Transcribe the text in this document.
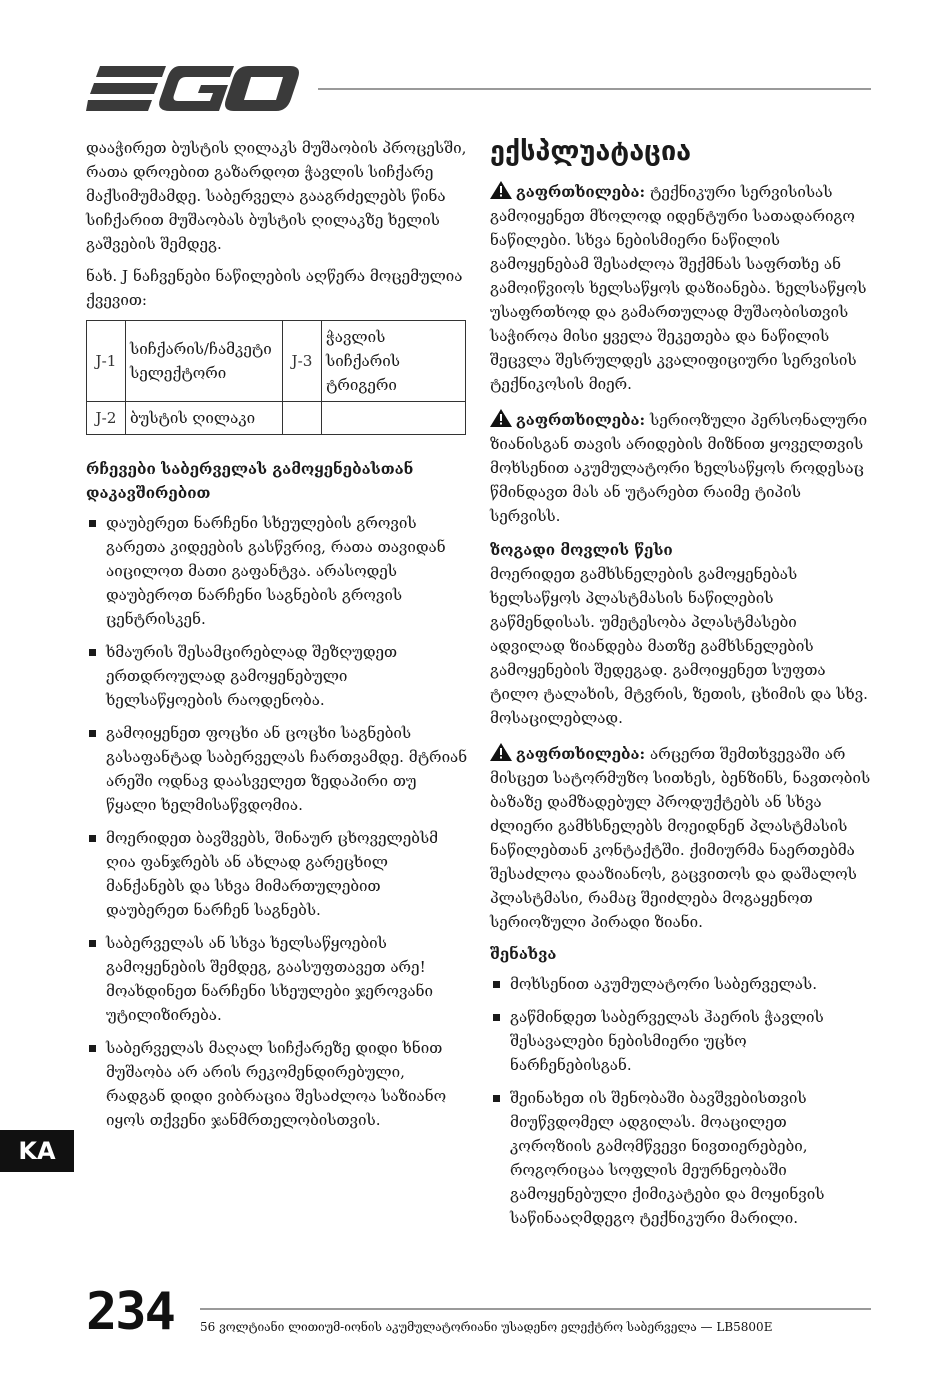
დააჭირეთ ბუსტის ღილაკს მუშაობის პროცესში, რათა დროებით გაზარდოთ ჭავლის სიჩქარე მაქსიმუმამდე. საბერველა გააგრძელებს წინა სიჩქარით მუშაობას ბუსტის ღილაკზე ხელის გაშვების შემდეგ.

ნახ. J ნაჩვენები ნაწილების აღწერა მოცემულია ქვევით:

J-1	სიჩქარის/ჩამკეტი სელექტორი	J-3	ჭავლის სიჩქარის ტრიგერი
J-2	ბუსტის ღილაკი		
რჩევები საბერველას გამოყენებასთან დაკავშირებით
დაუბერეთ ნარჩენი სხეულების გროვის გარეთა კიდეების გასწვრივ, რათა თავიდან აიცილოთ მათი გაფანტვა. არასოდეს დაუბეროთ ნარჩენი საგნების გროვის ცენტრისკენ.
ხმაურის შესამცირებლად შეზღუდეთ ერთდროულად გამოყენებული ხელსაწყოების რაოდენობა.
გამოიყენეთ ფოცხი ან ცოცხი საგნების გასაფანტად საბერველას ჩართვამდე. მტრიან არეში ოდნავ დაასველეთ ზედაპირი თუ წყალი ხელმისაწვდომია.
მოერიდეთ ბავშვებს, შინაურ ცხოველებსმ ღია ფანჯრებს ან ახლად გარეცხილ მანქანებს და სხვა მიმართულებით დაუბერეთ ნარჩენ საგნებს.
საბერველას ან სხვა ხელსაწყოების გამოყენების შემდეგ, გაასუფთავეთ არე! მოახდინეთ ნარჩენი სხეულები ჯეროვანი უტილიზირება.
საბერველას მაღალ სიჩქარეზე დიდი ხნით მუშაობა არ არის რეკომენდირებული, რადგან დიდი ვიბრაცია შესაძლოა საზიანო იყოს თქვენი ჯანმრთელობისთვის.
ექსპლუატაცია

გაფრთხილება: ტექნიკური სერვისისას გამოიყენეთ მხოლოდ იდენტური სათადარიგო ნაწილები. სხვა ნებისმიერი ნაწილის გამოყენებამ შესაძლოა შექმნას საფრთხე ან გამოიწვიოს ხელსაწყოს დაზიანება. ხელსაწყოს უსაფრთხოდ და გამართულად მუშაობისთვის საჭიროა მისი ყველა შეკეთება და ნაწილის შეცვლა შესრულდეს კვალიფიციური სერვისის ტექნიკოსის მიერ.

გაფრთხილება: სერიოზული პერსონალური ზიანისგან თავის არიდების მიზნით ყოველთვის მოხსენით აკუმულატორი ხელსაწყოს როდესაც წმინდავთ მას ან უტარებთ რაიმე ტიპის სერვისს.

ზოგადი მოვლის წესი

მოერიდეთ გამხსნელების გამოყენებას ხელსაწყოს პლასტმასის ნაწილების გაწმენდისას. უმეტესობა პლასტმასები ადვილად ზიანდება მათზე გამხსნელების გამოყენების შედეგად. გამოიყენეთ სუფთა ტილო ტალახის, მტვრის, ზეთის, ცხიმის და სხვ. მოსაცილებლად.

გაფრთხილება: არცერთ შემთხვევაში არ მისცეთ სატორმუზო სითხეს, ბენზინს, ნავთობის ბაზაზე დამზადებულ პროდუქტებს ან სხვა ძლიერი გამხსნელებს მოეიდნენ პლასტმასის ნაწილებთან კონტაქტში. ქიმიურმა ნაერთებმა შესაძლოა დააზიანოს, გაცვითოს და დაშალოს პლასტმასი, რამაც შეიძლება მოგაყენოთ სერიოზული პირადი ზიანი.

შენახვა
მოხსენით აკუმულატორი საბერველას.
გაწმინდეთ საბერველას ჰაერის ჭავლის შესავალები ნებისმიერი უცხო ნარჩენებისგან.
შეინახეთ ის შენობაში ბავშვებისთვის მიუწვდომელ ადგილას. მოაცილეთ კოროზიის გამომწვევი ნივთიერებები, როგორიცაა სოფლის მეურნეობაში გამოყენებული ქიმიკატები და მოყინვის საწინააღმდეგო ტექნიკური მარილი.
KA
234 56 ვოლტიანი ლითიუმ-იონის აკუმულატორიანი უსადენო ელექტრო საბერველა — LB5800E
